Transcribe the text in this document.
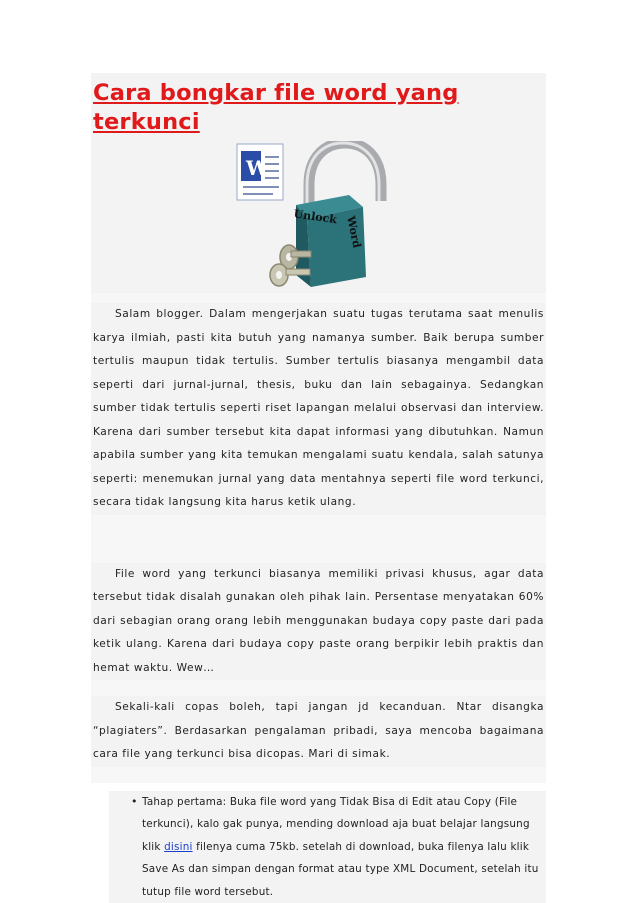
Cara bongkar file word yang terkunci
W
Unlock Word

Salam blogger. Dalam mengerjakan suatu tugas terutama saat menulis karya ilmiah, pasti kita butuh yang namanya sumber. Baik berupa sumber tertulis maupun tidak tertulis. Sumber tertulis biasanya mengambil data seperti dari jurnal-jurnal, thesis, buku dan lain sebagainya. Sedangkan sumber tidak tertulis seperti riset lapangan melalui observasi dan interview. Karena dari sumber tersebut kita dapat informasi yang dibutuhkan. Namun apabila sumber yang kita temukan mengalami suatu kendala, salah satunya seperti: menemukan jurnal yang data mentahnya seperti file word terkunci, secara tidak langsung kita harus ketik ulang.

File word yang terkunci biasanya memiliki privasi khusus, agar data tersebut tidak disalah gunakan oleh pihak lain. Persentase menyatakan 60% dari sebagian orang orang lebih menggunakan budaya copy paste dari pada ketik ulang. Karena dari budaya copy paste orang berpikir lebih praktis dan hemat waktu. Wew…

Sekali-kali copas boleh, tapi jangan jd kecanduan. Ntar disangka “plagiaters”. Berdasarkan pengalaman pribadi, saya mencoba bagaimana cara file yang terkunci bisa dicopas. Mari di simak.

• Tahap pertama: Buka file word yang Tidak Bisa di Edit atau Copy (File terkunci), kalo gak punya, mending download aja buat belajar langsung klik disini filenya cuma 75kb. setelah di download, buka filenya lalu klik Save As dan simpan dengan format atau type XML Document, setelah itu tutup file word tersebut.
